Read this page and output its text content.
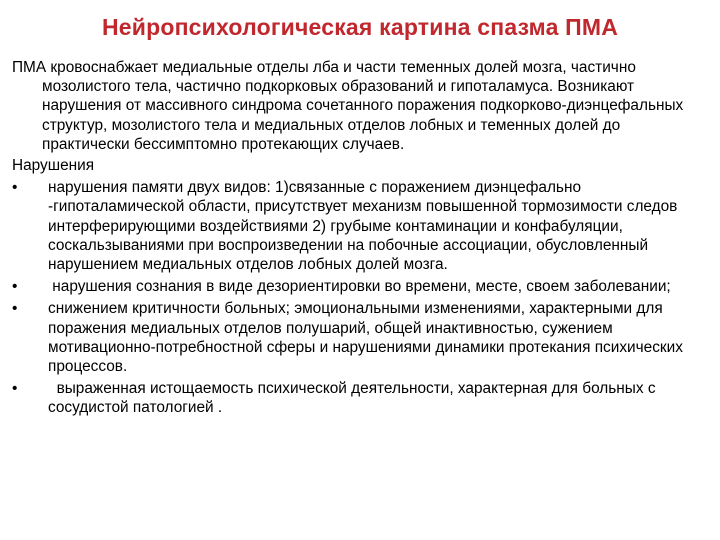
Нейропсихологическая картина спазма ПМА

ПМА кровоснабжает медиальные отделы лба и части теменных долей мозга, частично мозолистого тела, частично подкорковых образований и гипоталамуса. Возникают нарушения от массивного синдрома сочетанного поражения подкорково-диэнцефальных структур, мозолистого тела и медиальных отделов лобных и теменных долей до практически бессимптомно протекающих случаев.

Нарушения

•	нарушения памяти двух видов: 1)связанные с поражением диэнцефально -гипоталамической области, присутствует механизм повышенной тормозимости следов интерферирующими воздействиями 2) грубыме контаминации и конфабуляции, соскальзываниями при воспроизведении на побочные ассоциации, обусловленный нарушением медиальных отделов лобных долей мозга.
•	нарушения сознания в виде дезориентировки во времени, месте, своем заболевании;
•	снижением критичности больных; эмоциональными изменениями, характерными для поражения медиальных отделов полушарий, общей инактивностью, сужением мотивационно-потребностной сферы и нарушениями динамики протекания психических процессов.
•	выраженная истощаемость психической деятельности, характерная для больных с сосудистой патологией .
